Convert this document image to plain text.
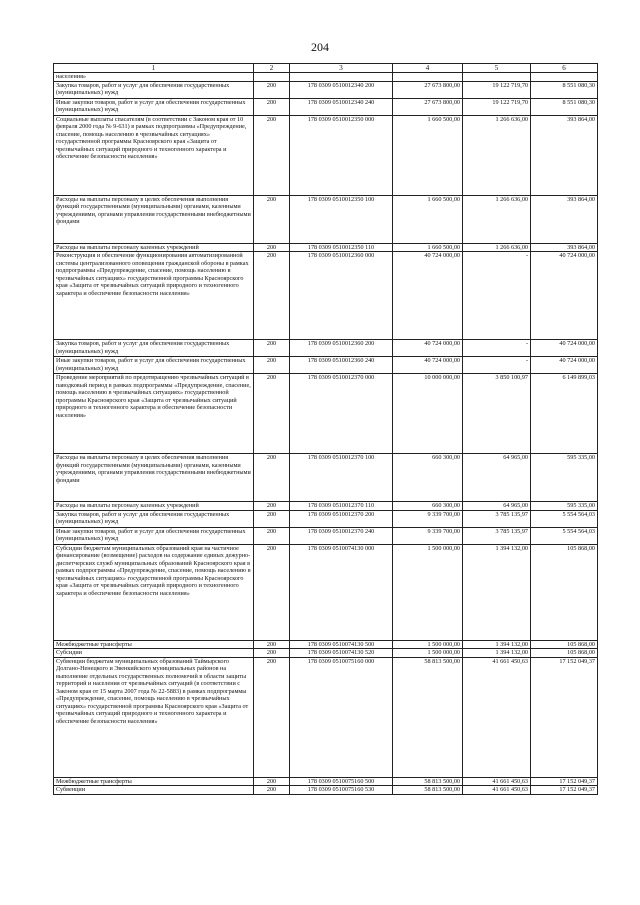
204
1	2	3	4	5	6
населения»					
Закупка товаров, работ и услуг для обеспечения государственных (муниципальных) нужд	200	178 0309 0510012340 200	27 673 800,00	19 122 719,70	8 551 080,30
Иные закупки товаров, работ и услуг для обеспечения государственных (муниципальных) нужд	200	178 0309 0510012340 240	27 673 800,00	19 122 719,70	8 551 080,30
Социальные выплаты спасателям (в соответствии с Законом края от 10 февраля 2000 года № 9-631) в рамках подпрограммы «Предупреждение, спасение, помощь населению в чрезвычайных ситуациях» государственной программы Красноярского края «Защита от чрезвычайных ситуаций природного и техногенного характера и обеспечение безопасности населения»	200	178 0309 0510012350 000	1 660 500,00	1 266 636,00	393 864,00
Расходы на выплаты персоналу в целях обеспечения выполнения функций государственными (муниципальными) органами, казенными учреждениями, органами управления государственными внебюджетными фондами	200	178 0309 0510012350 100	1 660 500,00	1 266 636,00	393 864,00
Расходы на выплаты персоналу казенных учреждений	200	178 0309 0510012350 110	1 660 500,00	1 266 636,00	393 864,00
Реконструкция и обеспечение функционирования автоматизированной системы централизованного оповещения гражданской обороны в рамках подпрограммы «Предупреждение, спасение, помощь населению в чрезвычайных ситуациях» государственной программы Красноярского края «Защита от чрезвычайных ситуаций природного и техногенного характера и обеспечение безопасности населения»	200	178 0309 0510012360 000	40 724 000,00	-	40 724 000,00
Закупка товаров, работ и услуг для обеспечения государственных (муниципальных) нужд	200	178 0309 0510012360 200	40 724 000,00	-	40 724 000,00
Иные закупки товаров, работ и услуг для обеспечения государственных (муниципальных) нужд	200	178 0309 0510012360 240	40 724 000,00	-	40 724 000,00
Проведение мероприятий по предотвращению чрезвычайных ситуаций в паводковый период в рамках подпрограммы «Предупреждение, спасение, помощь населению в чрезвычайных ситуациях» государственной программы Красноярского края «Защита от чрезвычайных ситуаций природного и техногенного характера и обеспечение безопасности населения»	200	178 0309 0510012370 000	10 000 000,00	3 850 100,97	6 149 899,03
Расходы на выплаты персоналу в целях обеспечения выполнения функций государственными (муниципальными) органами, казенными учреждениями, органами управления государственными внебюджетными фондами	200	178 0309 0510012370 100	660 300,00	64 965,00	595 335,00
Расходы на выплаты персоналу казенных учреждений	200	178 0309 0510012370 110	660 300,00	64 965,00	595 335,00
Закупка товаров, работ и услуг для обеспечения государственных (муниципальных) нужд	200	178 0309 0510012370 200	9 339 700,00	3 785 135,97	5 554 564,03
Иные закупки товаров, работ и услуг для обеспечения государственных (муниципальных) нужд	200	178 0309 0510012370 240	9 339 700,00	3 785 135,97	5 554 564,03
Субсидии бюджетам муниципальных образований края на частичное финансирование (возмещение) расходов на содержание единых дежурно-диспетчерских служб муниципальных образований Красноярского края в рамках подпрограммы «Предупреждение, спасение, помощь населению в чрезвычайных ситуациях» государственной программы Красноярского края «Защита от чрезвычайных ситуаций природного и техногенного характера и обеспечение безопасности населения»	200	178 0309 0510074130 000	1 500 000,00	1 394 132,00	105 868,00
Межбюджетные трансферты	200	178 0309 0510074130 500	1 500 000,00	1 394 132,00	105 868,00
Субсидии	200	178 0309 0510074130 520	1 500 000,00	1 394 132,00	105 868,00
Субвенции бюджетам муниципальных образований Таймырского Долгано-Ненецкого и Эвенкийского муниципальных районов на выполнение отдельных государственных полномочий в области защиты территорий и населения от чрезвычайных ситуаций (в соответствии с Законом края от 15 марта 2007 года № 22-5883) в рамках подпрограммы «Предупреждение, спасение, помощь населению в чрезвычайных ситуациях» государственной программы Красноярского края «Защита от чрезвычайных ситуаций природного и техногенного характера и обеспечение безопасности населения»	200	178 0309 0510075160 000	58 813 500,00	41 661 450,63	17 152 049,37
Межбюджетные трансферты	200	178 0309 0510075160 500	58 813 500,00	41 661 450,63	17 152 049,37
Субвенции	200	178 0309 0510075160 530	58 813 500,00	41 661 450,63	17 152 049,37
